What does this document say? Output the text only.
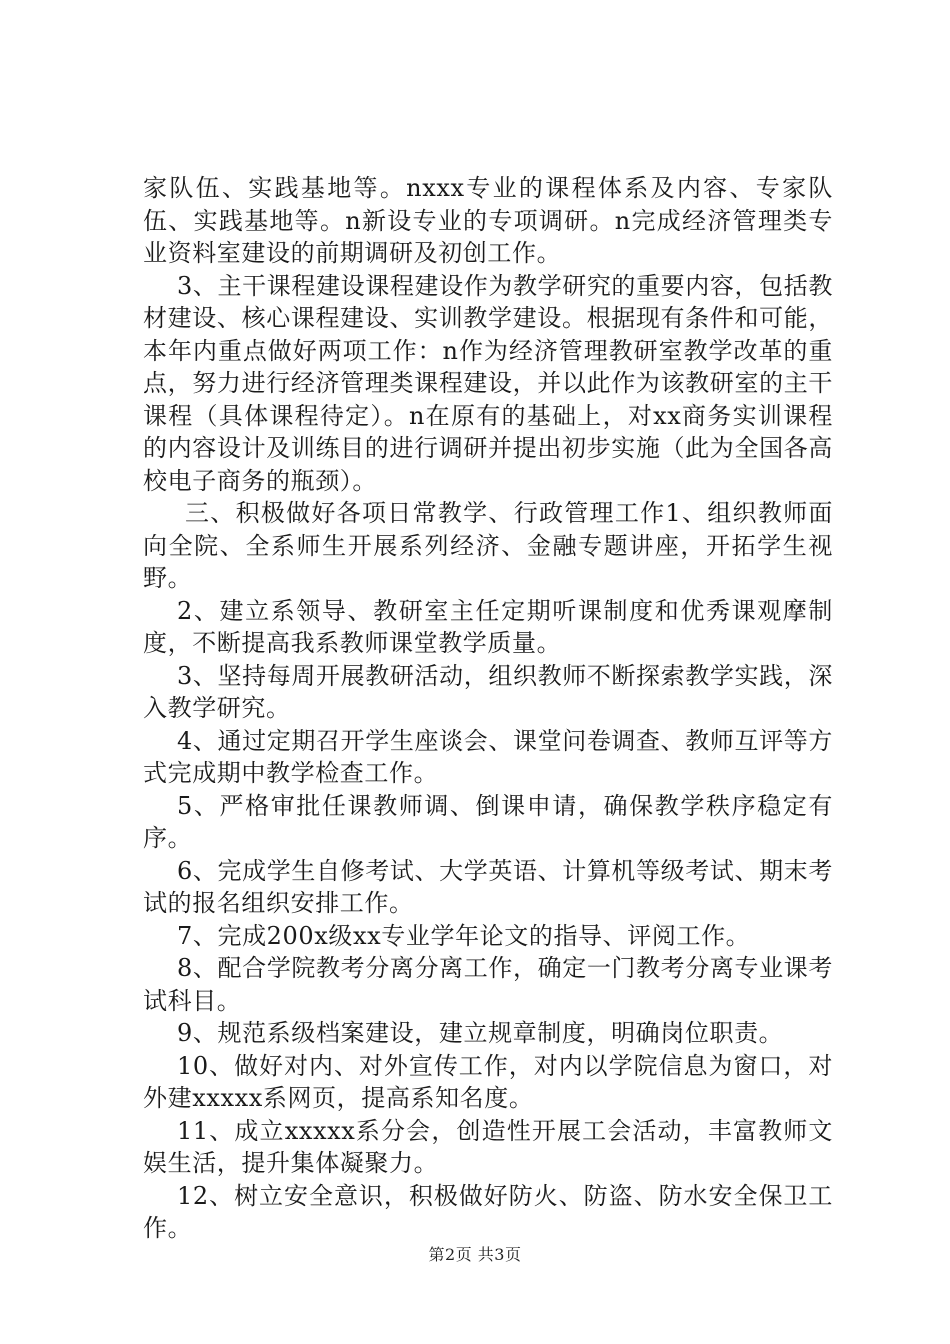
家队伍、实践基地等。nxxx专业的课程体系及内容、专家队伍、实践基地等。n新设专业的专项调研。n完成经济管理类专业资料室建设的前期调研及初创工作。

3、主干课程建设课程建设作为教学研究的重要内容，包括教材建设、核心课程建设、实训教学建设。根据现有条件和可能，本年内重点做好两项工作：n作为经济管理教研室教学改革的重点，努力进行经济管理类课程建设，并以此作为该教研室的主干课程（具体课程待定）。n在原有的基础上，对xx商务实训课程的内容设计及训练目的进行调研并提出初步实施（此为全国各高校电子商务的瓶颈）。

三、积极做好各项日常教学、行政管理工作1、组织教师面向全院、全系师生开展系列经济、金融专题讲座，开拓学生视野。

2、建立系领导、教研室主任定期听课制度和优秀课观摩制度，不断提高我系教师课堂教学质量。

3、坚持每周开展教研活动，组织教师不断探索教学实践，深入教学研究。

4、通过定期召开学生座谈会、课堂问卷调查、教师互评等方式完成期中教学检查工作。

5、严格审批任课教师调、倒课申请，确保教学秩序稳定有序。

6、完成学生自修考试、大学英语、计算机等级考试、期末考试的报名组织安排工作。

7、完成200x级xx专业学年论文的指导、评阅工作。

8、配合学院教考分离分离工作，确定一门教考分离专业课考试科目。

9、规范系级档案建设，建立规章制度，明确岗位职责。

10、做好对内、对外宣传工作，对内以学院信息为窗口，对外建xxxxx系网页，提高系知名度。

11、成立xxxxx系分会，创造性开展工会活动，丰富教师文娱生活，提升集体凝聚力。

12、树立安全意识，积极做好防火、防盗、防水安全保卫工作。

第2页 共3页
